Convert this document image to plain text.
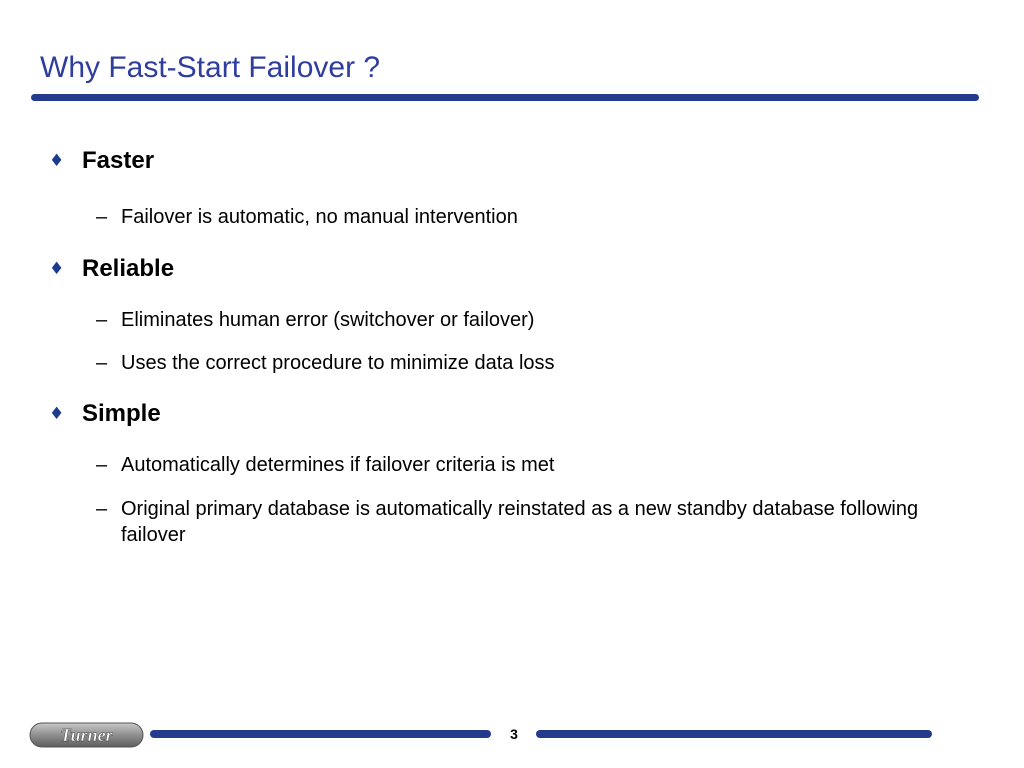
Why Fast-Start Failover ?
♦ Faster
– Failover is automatic, no manual intervention
♦ Reliable
– Eliminates human error (switchover or failover)
– Uses the correct procedure to minimize data loss
♦ Simple
– Automatically determines if failover criteria is met
– Original primary database is automatically reinstated as a new standby database following failover
Turner	3
